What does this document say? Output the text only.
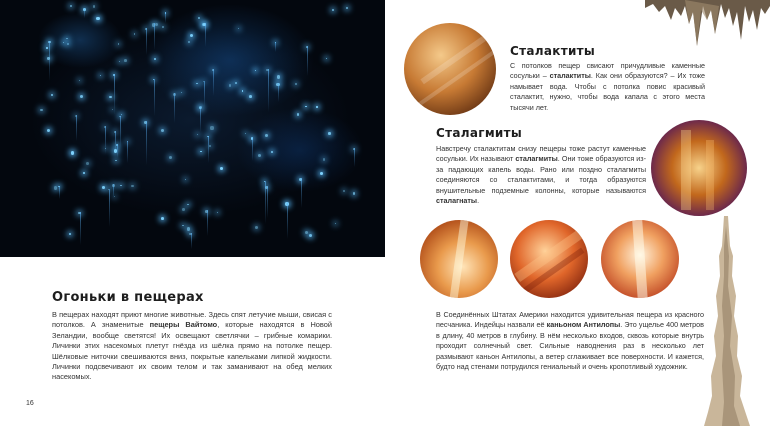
Огоньки в пещерах
В пещерах находят приют многие животные. Здесь спят летучие мыши, свисая с потолков. А знаменитые пещеры Вайтомо, которые находятся в Новой Зеландии, вообще светятся! Их освещают светлячки – грибные комарики. Личинки этих насекомых плетут гнёзда из шёлка прямо на потолке пещер. Шёлковые ниточки свешиваются вниз, покрытые капельками липкой жидкости. Личинки подсвечивают их своим телом и так заманивают на обед мелких насекомых.
16
Сталактиты
С потолков пещер свисают причудливые каменные сосульки – сталактиты. Как они образуются? – Их тоже намывает вода. Чтобы с потолка повис красивый сталактит, нужно, чтобы вода капала с этого места тысячи лет.
Сталагмиты
Навстречу сталактитам снизу пещеры тоже растут каменные сосульки. Их называют сталагмиты. Они тоже образуются из-за падающих капель воды. Рано или поздно сталагмиты соединяются со сталактитами, и тогда образуются внушительные подземные колонны, которые называются сталагнаты.
В Соединённых Штатах Америки находится удивительная пещера из красного песчаника. Индейцы назвали её каньоном Антилопы. Это ущелье 400 метров в длину, 40 метров в глубину. В нём несколько входов, сквозь которые внутрь проходит солнечный свет. Сильные наводнения раз в несколько лет размывают каньон Антилопы, а ветер сглаживает все поверхности. И кажется, будто над стенами потрудился гениальный и очень кропотливый художник.
